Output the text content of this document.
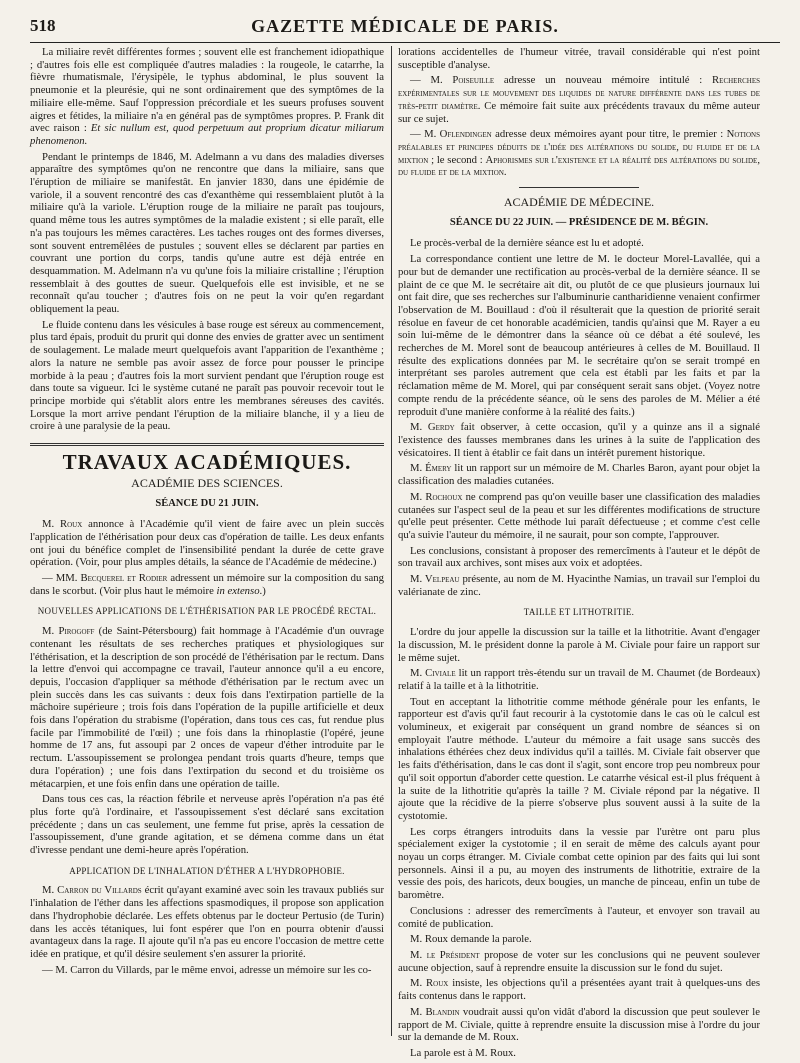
518	GAZETTE MÉDICALE DE PARIS.

La miliaire revêt différentes formes ; souvent elle est franchement idiopathique ; d'autres fois elle est compliquée d'autres maladies : la rougeole, le catarrhe, la fièvre rhumatismale, l'érysipèle, le typhus abdominal, le plus souvent la pneumonie et la pleurésie, qui ne sont ordinairement que des symptômes de la miliaire elle-même. Sauf l'oppression précordiale et les sueurs profuses souvent aigres et fétides, la miliaire n'a en général pas de symptômes propres. P. Frank dit avec raison : Et sic nullum est, quod perpetuum aut proprium dicatur miliarum phenomenon.

Pendant le printemps de 1846, M. Adelmann a vu dans des maladies diverses apparaître des symptômes qu'on ne rencontre que dans la miliaire, sans que l'éruption de miliaire se manifestât. En janvier 1830, dans une épidémie de variole, il a souvent rencontré des cas d'exanthème qui ressemblaient plutôt à la miliaire qu'à la variole. L'éruption rouge de la miliaire ne paraît pas toujours, quand même tous les autres symptômes de la maladie existent ; si elle paraît, elle n'a pas toujours les mêmes caractères. Les taches rouges ont des formes diverses, sont souvent entremêlées de pustules ; souvent elles se déclarent par parties en couvrant une portion du corps, tandis qu'une autre est déjà entrée en desquammation. M. Adelmann n'a vu qu'une fois la miliaire cristalline ; l'éruption ressemblait à des gouttes de sueur. Quelquefois elle est invisible, et ne se reconnaît qu'au toucher ; d'autres fois on ne peut la voir qu'en regardant obliquement la peau.

Le fluide contenu dans les vésicules à base rouge est séreux au commencement, plus tard épais, produit du prurit qui donne des envies de gratter avec un sentiment de soulagement. Le malade meurt quelquefois avant l'apparition de l'exanthème ; alors la nature ne semble pas avoir assez de force pour pousser le principe morbide à la peau ; d'autres fois la mort survient pendant que l'éruption rouge est dans toute sa vigueur. Ici le système cutané ne paraît pas pouvoir recevoir tout le principe morbide qui s'établit alors entre les membranes séreuses des cavités. Lorsque la mort arrive pendant l'éruption de la miliaire blanche, il y a lieu de croire à une paralysie de la peau.

TRAVAUX ACADÉMIQUES.
ACADÉMIE DES SCIENCES.
SÉANCE DU 21 JUIN.

M. Roux annonce à l'Académie qu'il vient de faire avec un plein succès l'application de l'éthérisation pour deux cas d'opération de taille. Les deux enfants ont joui du bénéfice complet de l'insensibilité pendant la durée de cette grave opération. (Voir, pour plus amples détails, la séance de l'Académie de médecine.)

— MM. Becquerel et Rodier adressent un mémoire sur la composition du sang dans le scorbut. (Voir plus haut le mémoire in extenso.)

NOUVELLES APPLICATIONS DE L'ÉTHÉRISATION PAR LE PROCÉDÉ RECTAL.

M. Pirogoff (de Saint-Pétersbourg) fait hommage à l'Académie d'un ouvrage contenant les résultats de ses recherches pratiques et physiologiques sur l'éthérisation, et la description de son procédé de l'éthérisation par le rectum. Dans la lettre d'envoi qui accompagne ce travail, l'auteur annonce qu'il a eu encore, depuis, l'occasion d'appliquer sa méthode d'éthérisation par le rectum avec un plein succès dans les cas suivants : deux fois dans l'extirpation partielle de la mâchoire supérieure ; trois fois dans l'opération de la pupille artificielle et deux fois dans l'opération du strabisme (l'opération, dans tous ces cas, fut rendue plus facile par l'immobilité de l'œil) ; une fois dans la rhinoplastie (l'opéré, jeune homme de 17 ans, fut assoupi par 2 onces de vapeur d'éther introduite par le rectum. L'assoupissement se prolongea pendant trois quarts d'heure, temps que dura l'opération) ; une fois dans l'extirpation du second et du troisième os métacarpien, et une fois enfin dans une opération de taille.

Dans tous ces cas, la réaction fébrile et nerveuse après l'opération n'a pas été plus forte qu'à l'ordinaire, et l'assoupissement s'est déclaré sans excitation précédente ; dans un cas seulement, une femme fut prise, après la cessation de l'assoupissement, d'une grande agitation, et se démena comme dans un état d'ivresse pendant une demi-heure après l'opération.

APPLICATION DE L'INHALATION D'ÉTHER A L'HYDROPHOBIE.

M. Carron du Villards écrit qu'ayant examiné avec soin les travaux publiés sur l'inhalation de l'éther dans les affections spasmodiques, il propose son application dans l'hydrophobie déclarée. Les effets obtenus par le docteur Pertusio (de Turin) dans les accès tétaniques, lui font espérer que l'on en pourra obtenir d'aussi avantageux dans la rage. Il ajoute qu'il n'a pas eu encore l'occasion de mettre cette idée en pratique, et qu'il désire seulement s'en assurer la priorité.

— M. Carron du Villards, par le même envoi, adresse un mémoire sur les co-

lorations accidentelles de l'humeur vitrée, travail considérable qui n'est point susceptible d'analyse.

— M. Poiseuille adresse un nouveau mémoire intitulé : Recherches expérimentales sur le mouvement des liquides de nature différente dans les tubes de très-petit diamètre. Ce mémoire fait suite aux précédents travaux du même auteur sur ce sujet.

— M. Oflendingen adresse deux mémoires ayant pour titre, le premier : Notions préalables et principes déduits de l'idée des altérations du solide, du fluide et de la mixtion ; le second : Aphorismes sur l'existence et la réalité des altérations du solide, du fluide et de la mixtion.

ACADÉMIE DE MÉDECINE.
SÉANCE DU 22 JUIN. — PRÉSIDENCE DE M. BÉGIN.

Le procès-verbal de la dernière séance est lu et adopté.

La correspondance contient une lettre de M. le docteur Morel-Lavallée, qui a pour but de demander une rectification au procès-verbal de la dernière séance. Il se plaint de ce que M. le secrétaire ait dit, ou plutôt de ce que plusieurs journaux lui ont fait dire, que ses recherches sur l'albuminurie cantharidienne venaient confirmer l'observation de M. Bouillaud : d'où il résulterait que la question de priorité serait résolue en faveur de cet honorable académicien, tandis qu'ainsi que M. Rayer a eu soin lui-même de le démontrer dans la séance où ce débat a été soulevé, les recherches de M. Morel sont de beaucoup antérieures à celles de M. Bouillaud. Il résulte des explications données par M. le secrétaire qu'on se serait trompé en interprétant ses paroles autrement que cela est établi par les faits et par la réclamation même de M. Morel, qui par conséquent serait sans objet. (Voyez notre compte rendu de la précédente séance, où le sens des paroles de M. Mélier a été reproduit d'une manière conforme à la réalité des faits.)

M. Gerdy fait observer, à cette occasion, qu'il y a quinze ans il a signalé l'existence des fausses membranes dans les urines à la suite de l'application des vésicatoires. Il tient à établir ce fait dans un intérêt purement historique.

M. Émery lit un rapport sur un mémoire de M. Charles Baron, ayant pour objet la classification des maladies cutanées.

M. Rochoux ne comprend pas qu'on veuille baser une classification des maladies cutanées sur l'aspect seul de la peau et sur les différentes modifications de structure qu'elle peut présenter. Cette méthode lui paraît défectueuse ; et comme c'est celle qu'a suivie l'auteur du mémoire, il ne saurait, pour son compte, l'approuver.

Les conclusions, consistant à proposer des remercîments à l'auteur et le dépôt de son travail aux archives, sont mises aux voix et adoptées.

M. Velpeau présente, au nom de M. Hyacinthe Namias, un travail sur l'emploi du valérianate de zinc.

TAILLE ET LITHOTRITIE.

L'ordre du jour appelle la discussion sur la taille et la lithotritie. Avant d'engager la discussion, M. le président donne la parole à M. Civiale pour faire un rapport sur le même sujet.

M. Civiale lit un rapport très-étendu sur un travail de M. Chaumet (de Bordeaux) relatif à la taille et à la lithotritie.

Tout en acceptant la lithotritie comme méthode générale pour les enfants, le rapporteur est d'avis qu'il faut recourir à la cystotomie dans le cas où le calcul est volumineux, et exigerait par conséquent un grand nombre de séances si on employait l'autre méthode. L'auteur du mémoire a fait usage sans succès des inhalations éthérées chez deux individus qu'il a taillés. M. Civiale fait observer que les faits d'éthérisation, dans le cas dont il s'agit, sont encore trop peu nombreux pour qu'il soit opportun d'aborder cette question. Le catarrhe vésical est-il plus fréquent à la suite de la lithotritie qu'après la taille ? M. Civiale répond par la négative. Il ajoute que la récidive de la pierre s'observe plus souvent aussi à la suite de la cystotomie.

Les corps étrangers introduits dans la vessie par l'urètre ont paru plus spécialement exiger la cystotomie ; il en serait de même des calculs ayant pour noyau un corps étranger. M. Civiale combat cette opinion par des faits qui lui sont personnels. Ainsi il a pu, au moyen des instruments de lithotritie, extraire de la vessie des pois, des haricots, deux bougies, un manche de pinceau, enfin un tube de baromètre.

Conclusions : adresser des remercîments à l'auteur, et envoyer son travail au comité de publication.

M. Roux demande la parole.

M. le Président propose de voter sur les conclusions qui ne peuvent soulever aucune objection, sauf à reprendre ensuite la discussion sur le fond du sujet.

M. Roux insiste, les objections qu'il a présentées ayant trait à quelques-uns des faits contenus dans le rapport.

M. Blandin voudrait aussi qu'on vidât d'abord la discussion que peut soulever le rapport de M. Civiale, quitte à reprendre ensuite la discussion mise à l'ordre du jour sur la demande de M. Roux.

La parole est à M. Roux.
